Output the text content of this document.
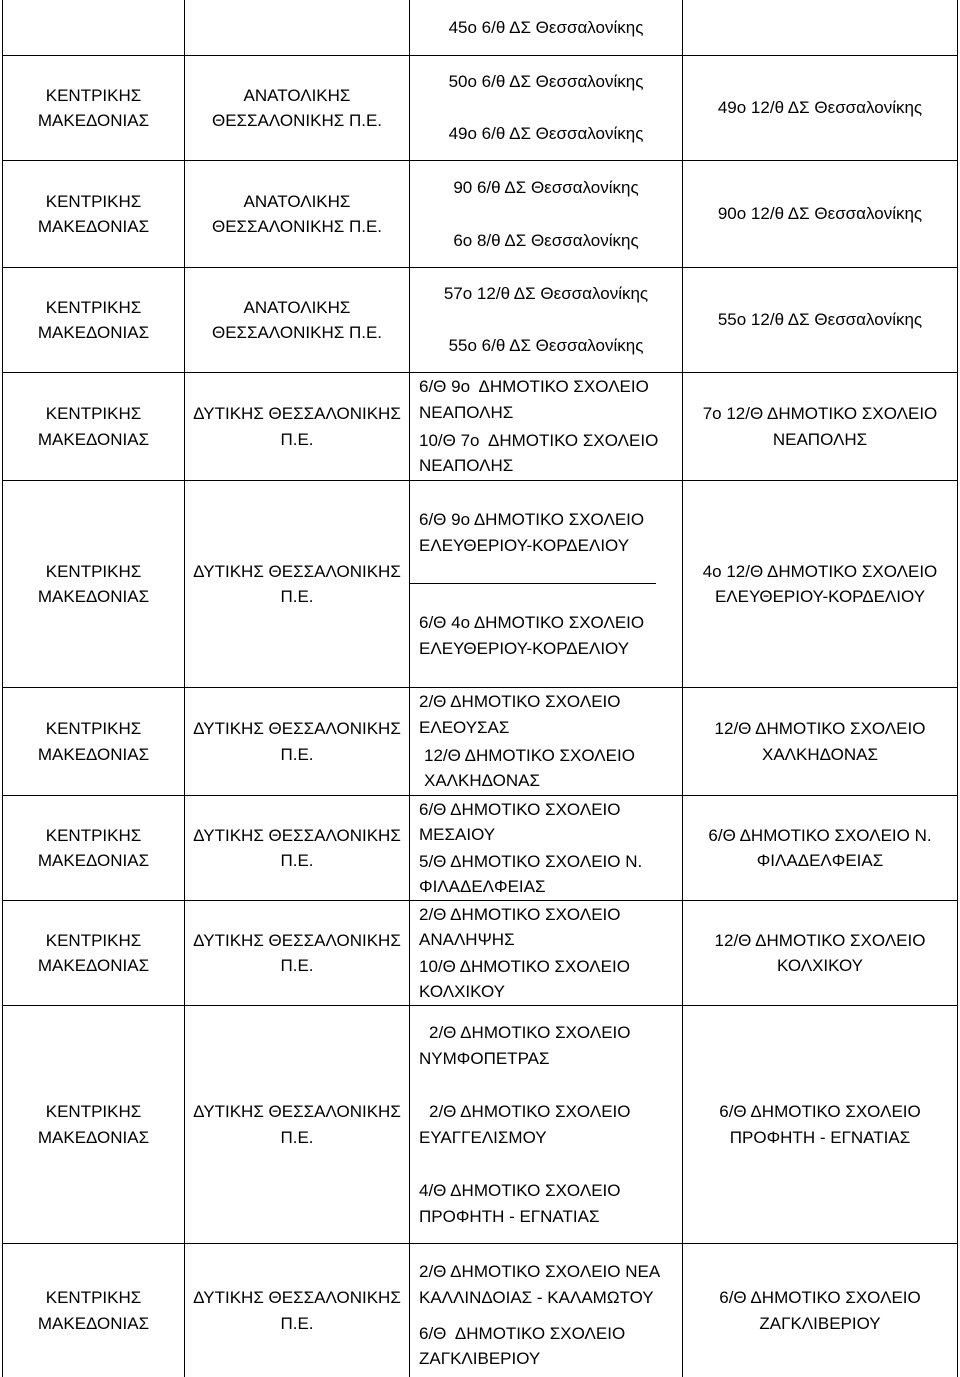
45ο 6/θ ΔΣ Θεσσαλονίκης
ΚΕΝΤΡΙΚΗΣ
ΜΑΚΕΔΟΝΙΑΣ
ΑΝΑΤΟΛΙΚΗΣ
ΘΕΣΣΑΛΟΝΙΚΗΣ Π.Ε.
50ο 6/θ ΔΣ Θεσσαλονίκης
49ο 6/θ ΔΣ Θεσσαλονίκης
49ο 12/θ ΔΣ Θεσσαλονίκης
ΚΕΝΤΡΙΚΗΣ
ΜΑΚΕΔΟΝΙΑΣ
ΑΝΑΤΟΛΙΚΗΣ
ΘΕΣΣΑΛΟΝΙΚΗΣ Π.Ε.
90 6/θ ΔΣ Θεσσαλονίκης
6ο 8/θ ΔΣ Θεσσαλονίκης
90ο 12/θ ΔΣ Θεσσαλονίκης
ΚΕΝΤΡΙΚΗΣ
ΜΑΚΕΔΟΝΙΑΣ
ΑΝΑΤΟΛΙΚΗΣ
ΘΕΣΣΑΛΟΝΙΚΗΣ Π.Ε.
57ο 12/θ ΔΣ Θεσσαλονίκης
55ο 6/θ ΔΣ Θεσσαλονίκης
55ο 12/θ ΔΣ Θεσσαλονίκης
ΚΕΝΤΡΙΚΗΣ
ΜΑΚΕΔΟΝΙΑΣ
ΔΥΤΙΚΗΣ ΘΕΣΣΑΛΟΝΙΚΗΣ
Π.Ε.
6/Θ 9ο  ΔΗΜΟΤΙΚΟ ΣΧΟΛΕΙΟ
ΝΕΑΠΟΛΗΣ
10/Θ 7ο  ΔΗΜΟΤΙΚΟ ΣΧΟΛΕΙΟ
ΝΕΑΠΟΛΗΣ
7ο 12/Θ ΔΗΜΟΤΙΚΟ ΣΧΟΛΕΙΟ
ΝΕΑΠΟΛΗΣ
ΚΕΝΤΡΙΚΗΣ
ΜΑΚΕΔΟΝΙΑΣ
ΔΥΤΙΚΗΣ ΘΕΣΣΑΛΟΝΙΚΗΣ
Π.Ε.
6/Θ 9ο ΔΗΜΟΤΙΚΟ ΣΧΟΛΕΙΟ
ΕΛΕΥΘΕΡΙΟΥ-ΚΟΡΔΕΛΙΟΥ
6/Θ 4ο ΔΗΜΟΤΙΚΟ ΣΧΟΛΕΙΟ
ΕΛΕΥΘΕΡΙΟΥ-ΚΟΡΔΕΛΙΟΥ
4ο 12/Θ ΔΗΜΟΤΙΚΟ ΣΧΟΛΕΙΟ
ΕΛΕΥΘΕΡΙΟΥ-ΚΟΡΔΕΛΙΟΥ
ΚΕΝΤΡΙΚΗΣ
ΜΑΚΕΔΟΝΙΑΣ
ΔΥΤΙΚΗΣ ΘΕΣΣΑΛΟΝΙΚΗΣ
Π.Ε.
2/Θ ΔΗΜΟΤΙΚΟ ΣΧΟΛΕΙΟ
ΕΛΕΟΥΣΑΣ
12/Θ ΔΗΜΟΤΙΚΟ ΣΧΟΛΕΙΟ
ΧΑΛΚΗΔΟΝΑΣ
12/Θ ΔΗΜΟΤΙΚΟ ΣΧΟΛΕΙΟ
ΧΑΛΚΗΔΟΝΑΣ
ΚΕΝΤΡΙΚΗΣ
ΜΑΚΕΔΟΝΙΑΣ
ΔΥΤΙΚΗΣ ΘΕΣΣΑΛΟΝΙΚΗΣ
Π.Ε.
6/Θ ΔΗΜΟΤΙΚΟ ΣΧΟΛΕΙΟ
ΜΕΣΑΙΟΥ
5/Θ ΔΗΜΟΤΙΚΟ ΣΧΟΛΕΙΟ Ν.
ΦΙΛΑΔΕΛΦΕΙΑΣ
6/Θ ΔΗΜΟΤΙΚΟ ΣΧΟΛΕΙΟ Ν.
ΦΙΛΑΔΕΛΦΕΙΑΣ
ΚΕΝΤΡΙΚΗΣ
ΜΑΚΕΔΟΝΙΑΣ
ΔΥΤΙΚΗΣ ΘΕΣΣΑΛΟΝΙΚΗΣ
Π.Ε.
2/Θ ΔΗΜΟΤΙΚΟ ΣΧΟΛΕΙΟ
ΑΝΑΛΗΨΗΣ
10/Θ ΔΗΜΟΤΙΚΟ ΣΧΟΛΕΙΟ
ΚΟΛΧΙΚΟΥ
12/Θ ΔΗΜΟΤΙΚΟ ΣΧΟΛΕΙΟ
ΚΟΛΧΙΚΟΥ
ΚΕΝΤΡΙΚΗΣ
ΜΑΚΕΔΟΝΙΑΣ
ΔΥΤΙΚΗΣ ΘΕΣΣΑΛΟΝΙΚΗΣ
Π.Ε.
2/Θ ΔΗΜΟΤΙΚΟ ΣΧΟΛΕΙΟ
ΝΥΜΦΟΠΕΤΡΑΣ
2/Θ ΔΗΜΟΤΙΚΟ ΣΧΟΛΕΙΟ
ΕΥΑΓΓΕΛΙΣΜΟΥ
4/Θ ΔΗΜΟΤΙΚΟ ΣΧΟΛΕΙΟ
ΠΡΟΦΗΤΗ - ΕΓΝΑΤΙΑΣ
6/Θ ΔΗΜΟΤΙΚΟ ΣΧΟΛΕΙΟ
ΠΡΟΦΗΤΗ - ΕΓΝΑΤΙΑΣ
ΚΕΝΤΡΙΚΗΣ
ΜΑΚΕΔΟΝΙΑΣ
ΔΥΤΙΚΗΣ ΘΕΣΣΑΛΟΝΙΚΗΣ
Π.Ε.
2/Θ ΔΗΜΟΤΙΚΟ ΣΧΟΛΕΙΟ ΝΕΑ
ΚΑΛΛΙΝΔΟΙΑΣ - ΚΑΛΑΜΩΤΟΥ
6/Θ  ΔΗΜΟΤΙΚΟ ΣΧΟΛΕΙΟ
ΖΑΓΚΛΙΒΕΡΙΟΥ
6/Θ ΔΗΜΟΤΙΚΟ ΣΧΟΛΕΙΟ
ΖΑΓΚΛΙΒΕΡΙΟΥ
